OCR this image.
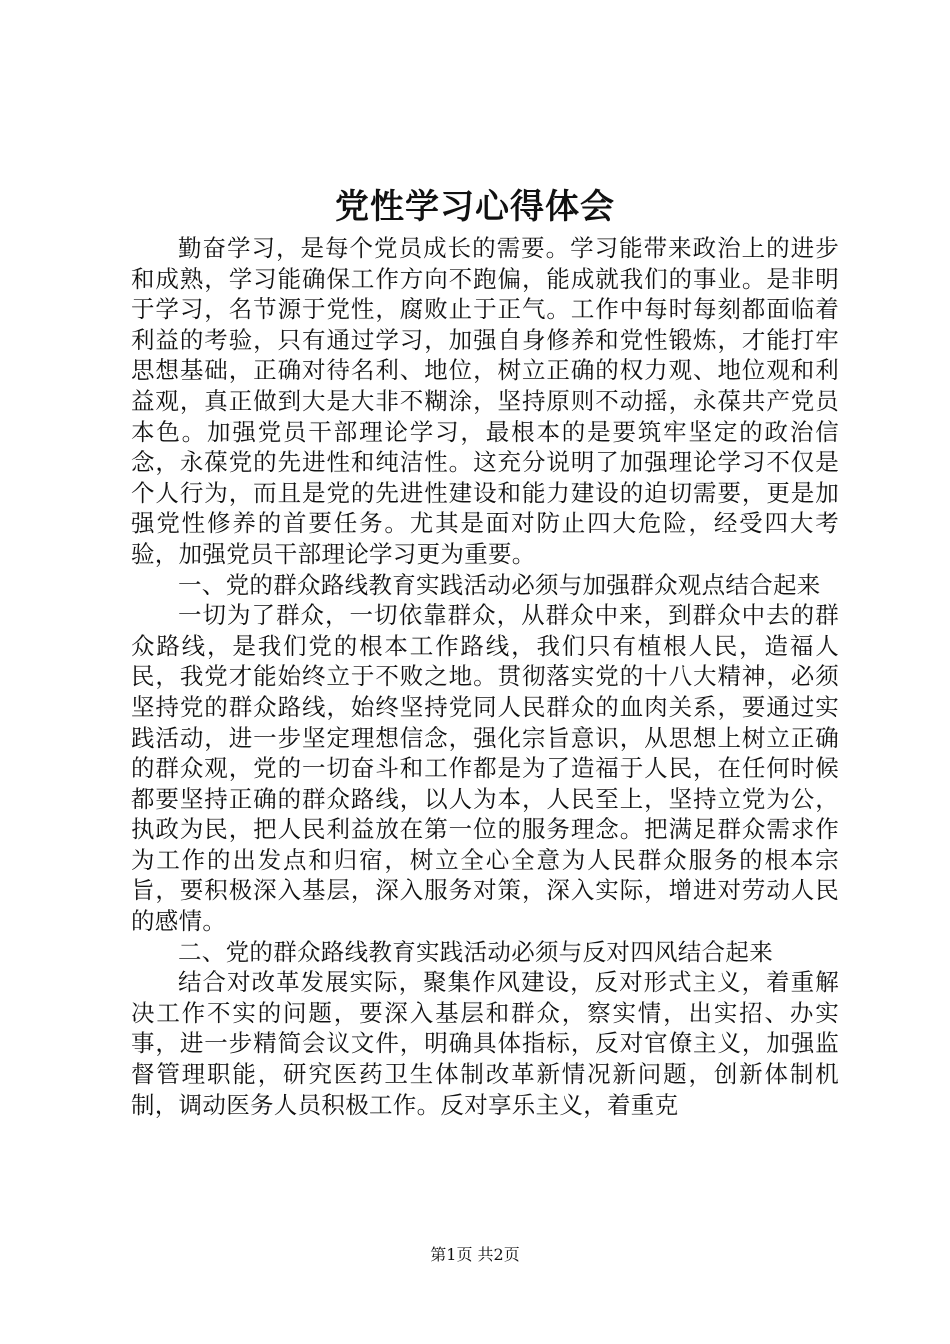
党性学习心得体会

勤奋学习，是每个党员成长的需要。学习能带来政治上的进步和成熟，学习能确保工作方向不跑偏，能成就我们的事业。是非明于学习，名节源于党性，腐败止于正气。工作中每时每刻都面临着利益的考验，只有通过学习，加强自身修养和党性锻炼，才能打牢思想基础，正确对待名利、地位，树立正确的权力观、地位观和利益观，真正做到大是大非不糊涂，坚持原则不动摇，永葆共产党员本色。加强党员干部理论学习，最根本的是要筑牢坚定的政治信念，永葆党的先进性和纯洁性。这充分说明了加强理论学习不仅是个人行为，而且是党的先进性建设和能力建设的迫切需要，更是加强党性修养的首要任务。尤其是面对防止四大危险，经受四大考验，加强党员干部理论学习更为重要。

一、党的群众路线教育实践活动必须与加强群众观点结合起来

一切为了群众，一切依靠群众，从群众中来，到群众中去的群众路线，是我们党的根本工作路线，我们只有植根人民，造福人民，我党才能始终立于不败之地。贯彻落实党的十八大精神，必须坚持党的群众路线，始终坚持党同人民群众的血肉关系，要通过实践活动，进一步坚定理想信念，强化宗旨意识，从思想上树立正确的群众观，党的一切奋斗和工作都是为了造福于人民，在任何时候都要坚持正确的群众路线，以人为本，人民至上，坚持立党为公，执政为民，把人民利益放在第一位的服务理念。把满足群众需求作为工作的出发点和归宿，树立全心全意为人民群众服务的根本宗旨，要积极深入基层，深入服务对策，深入实际，增进对劳动人民的感情。

二、党的群众路线教育实践活动必须与反对四风结合起来

结合对改革发展实际，聚集作风建设，反对形式主义，着重解决工作不实的问题，要深入基层和群众，察实情，出实招、办实事，进一步精简会议文件，明确具体指标，反对官僚主义，加强监督管理职能，研究医药卫生体制改革新情况新问题，创新体制机制，调动医务人员积极工作。反对享乐主义，着重克

第1页 共2页
